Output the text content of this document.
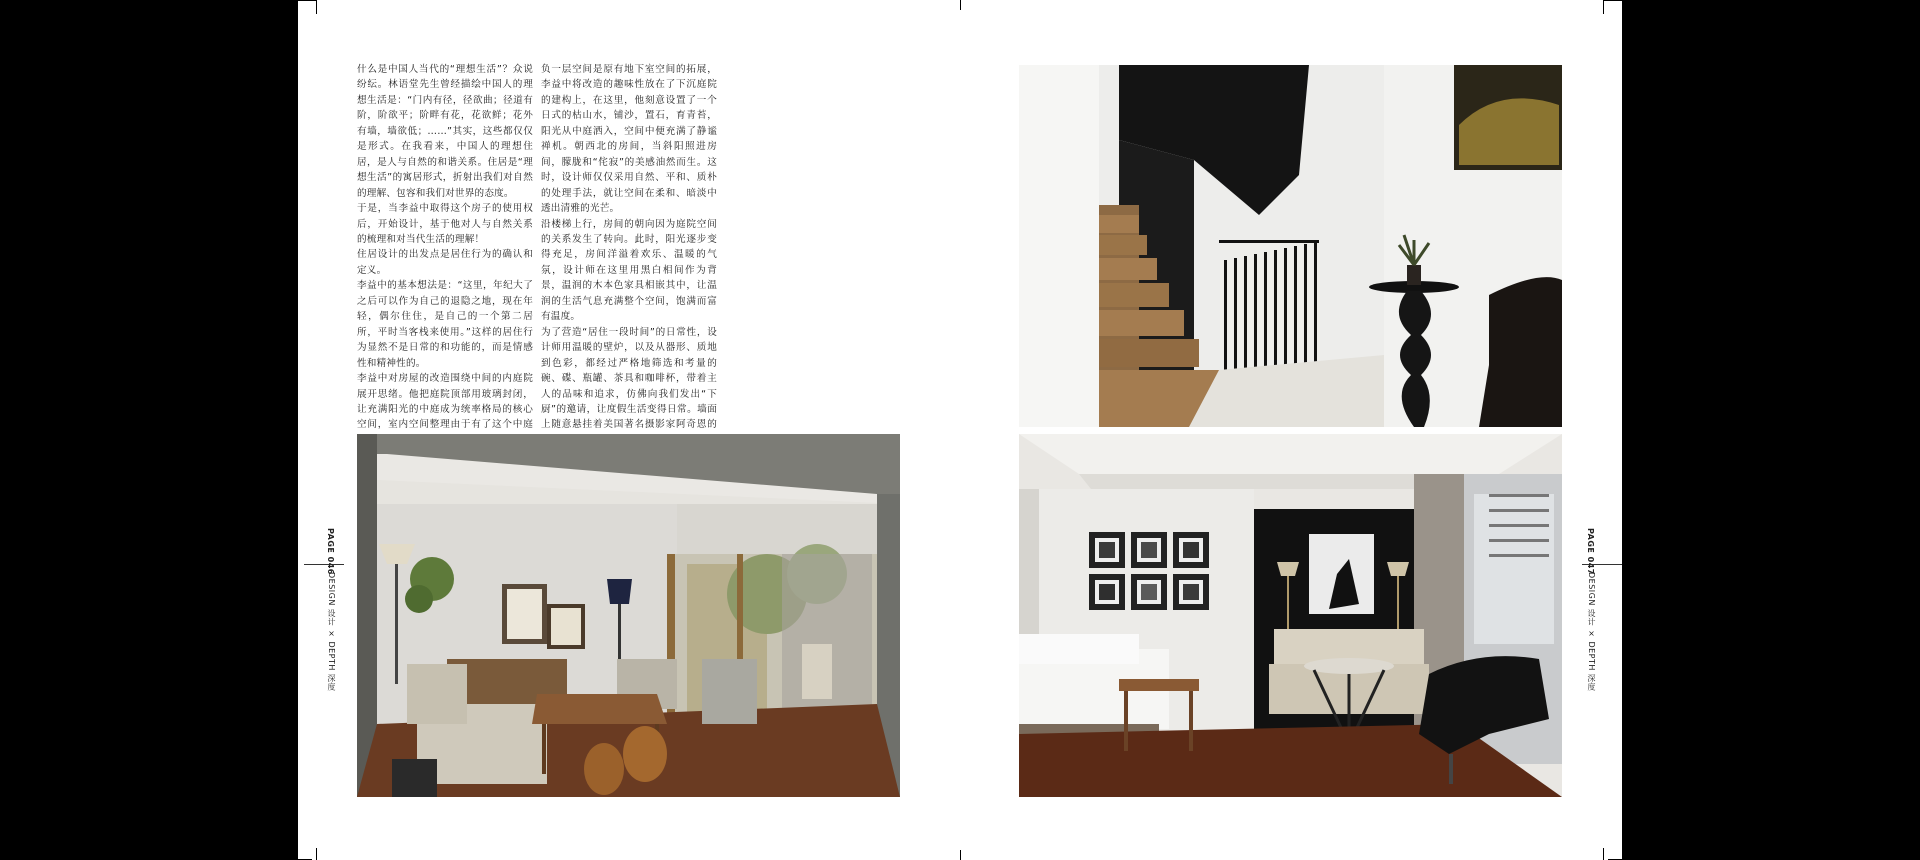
PAGE 046
DESIGN 设计 × DEPTH 深度
PAGE 047
DESIGN 设计 × DEPTH 深度

什么是中国人当代的“理想生活”？众说纷纭。林语堂先生曾经描绘中国人的理想生活是：“门内有径，径欲曲；径道有阶，阶欲平；阶畔有花，花欲鲜；花外有墙，墙欲低；……”其实，这些都仅仅是形式。在我看来，中国人的理想住居，是人与自然的和谐关系。住居是“理想生活”的寓居形式，折射出我们对自然的理解、包容和我们对世界的态度。

于是，当李益中取得这个房子的使用权后，开始设计，基于他对人与自然关系的梳理和对当代生活的理解！

住居设计的出发点是居住行为的确认和定义。

李益中的基本想法是：“这里，年纪大了之后可以作为自己的退隐之地，现在年轻，偶尔住住，是自己的一个第二居所，平时当客栈来使用。”这样的居住行为显然不是日常的和功能的，而是情感性和精神性的。

李益中对房屋的改造围绕中间的内庭院展开思绪。他把庭院顶部用玻璃封闭，让充满阳光的中庭成为统率格局的核心空间，室内空间整理由于有了这个中庭

负一层空间是原有地下室空间的拓展，李益中将改造的趣味性放在了下沉庭院的建构上，在这里，他刻意设置了一个日式的枯山水，铺沙，置石，育青苔，阳光从中庭洒入，空间中便充满了静谧禅机。朝西北的房间，当斜阳照进房间，朦胧和“侘寂”的美感油然而生。这时，设计师仅仅采用自然、平和、质朴的处理手法，就让空间在柔和、暗淡中透出清雅的光芒。

沿楼梯上行，房间的朝向因为庭院空间的关系发生了转向。此时，阳光逐步变得充足，房间洋溢着欢乐、温暖的气氛，设计师在这里用黑白相间作为背景，温润的木本色家具相嵌其中，让温润的生活气息充满整个空间，饱满而富有温度。

为了营造“居住一段时间”的日常性，设计师用温暖的壁炉，以及从器形、质地到色彩，都经过严格地筛选和考量的碗、碟、瓶罐、茶具和咖啡杯，带着主人的品味和追求，仿佛向我们发出“下厨”的邀请，让度假生活变得日常。墙面上随意悬挂着美国著名摄影家阿奇恩的
